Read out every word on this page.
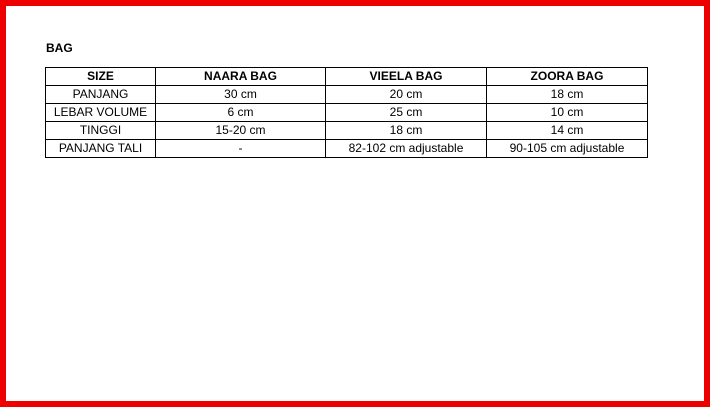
BAG
SIZE	NAARA BAG	VIEELA BAG	ZOORA BAG
PANJANG	30 cm	20 cm	18 cm
LEBAR VOLUME	6 cm	25 cm	10 cm
TINGGI	15-20 cm	18 cm	14 cm
PANJANG TALI	-	82-102 cm adjustable	90-105 cm adjustable
